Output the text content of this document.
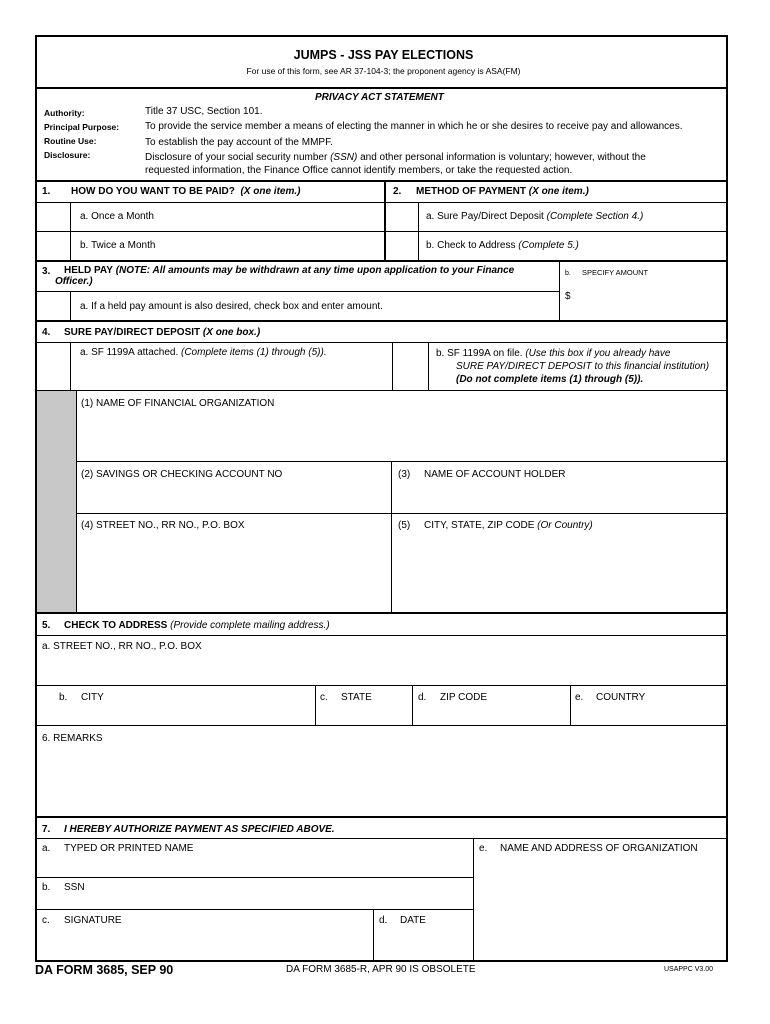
JUMPS - JSS PAY ELECTIONS
For use of this form, see AR 37-104-3; the proponent agency is ASA(FM)
PRIVACY ACT STATEMENT
Authority:	Title 37 USC, Section 101.
Principal Purpose:	To provide the service member a means of electing the manner in which he or she desires to receive pay and allowances.
Routine Use:	To establish the pay account of the MMPF.
Disclosure:	Disclosure of your social security number (SSN) and other personal information is voluntary; however, without the
requested information, the Finance Office cannot identify members, or take the requested action.
1. HOW DO YOU WANT TO BE PAID? (X one item.)	2. METHOD OF PAYMENT (X one item.)
a. Once a Month
b. Twice a Month
a. Sure Pay/Direct Deposit (Complete Section 4.)
b. Check to Address (Complete 5.)
3. HELD PAY (NOTE: All amounts may be withdrawn at any time upon application to your Finance
Officer.)
b. SPECIFY AMOUNT
$
a. If a held pay amount is also desired, check box and enter amount.
4. SURE PAY/DIRECT DEPOSIT (X one box.)
a. SF 1199A attached. (Complete items (1) through (5)).	b. SF 1199A on file. (Use this box if you already have
SURE PAY/DIRECT DEPOSIT to this financial institution)
(Do not complete items (1) through (5)).
(1) NAME OF FINANCIAL ORGANIZATION
(2) SAVINGS OR CHECKING ACCOUNT NO	(3) NAME OF ACCOUNT HOLDER
(4) STREET NO., RR NO., P.O. BOX	(5) CITY, STATE, ZIP CODE (Or Country)
5. CHECK TO ADDRESS (Provide complete mailing address.)
a. STREET NO., RR NO., P.O. BOX
b. CITY	c. STATE	d. ZIP CODE	e. COUNTRY
6. REMARKS
7. I HEREBY AUTHORIZE PAYMENT AS SPECIFIED ABOVE.
a. TYPED OR PRINTED NAME
b. SSN
c. SIGNATURE	d. DATE
e. NAME AND ADDRESS OF ORGANIZATION
DA FORM 3685, SEP 90	DA FORM 3685-R, APR 90 IS OBSOLETE	USAPPC V3.00
